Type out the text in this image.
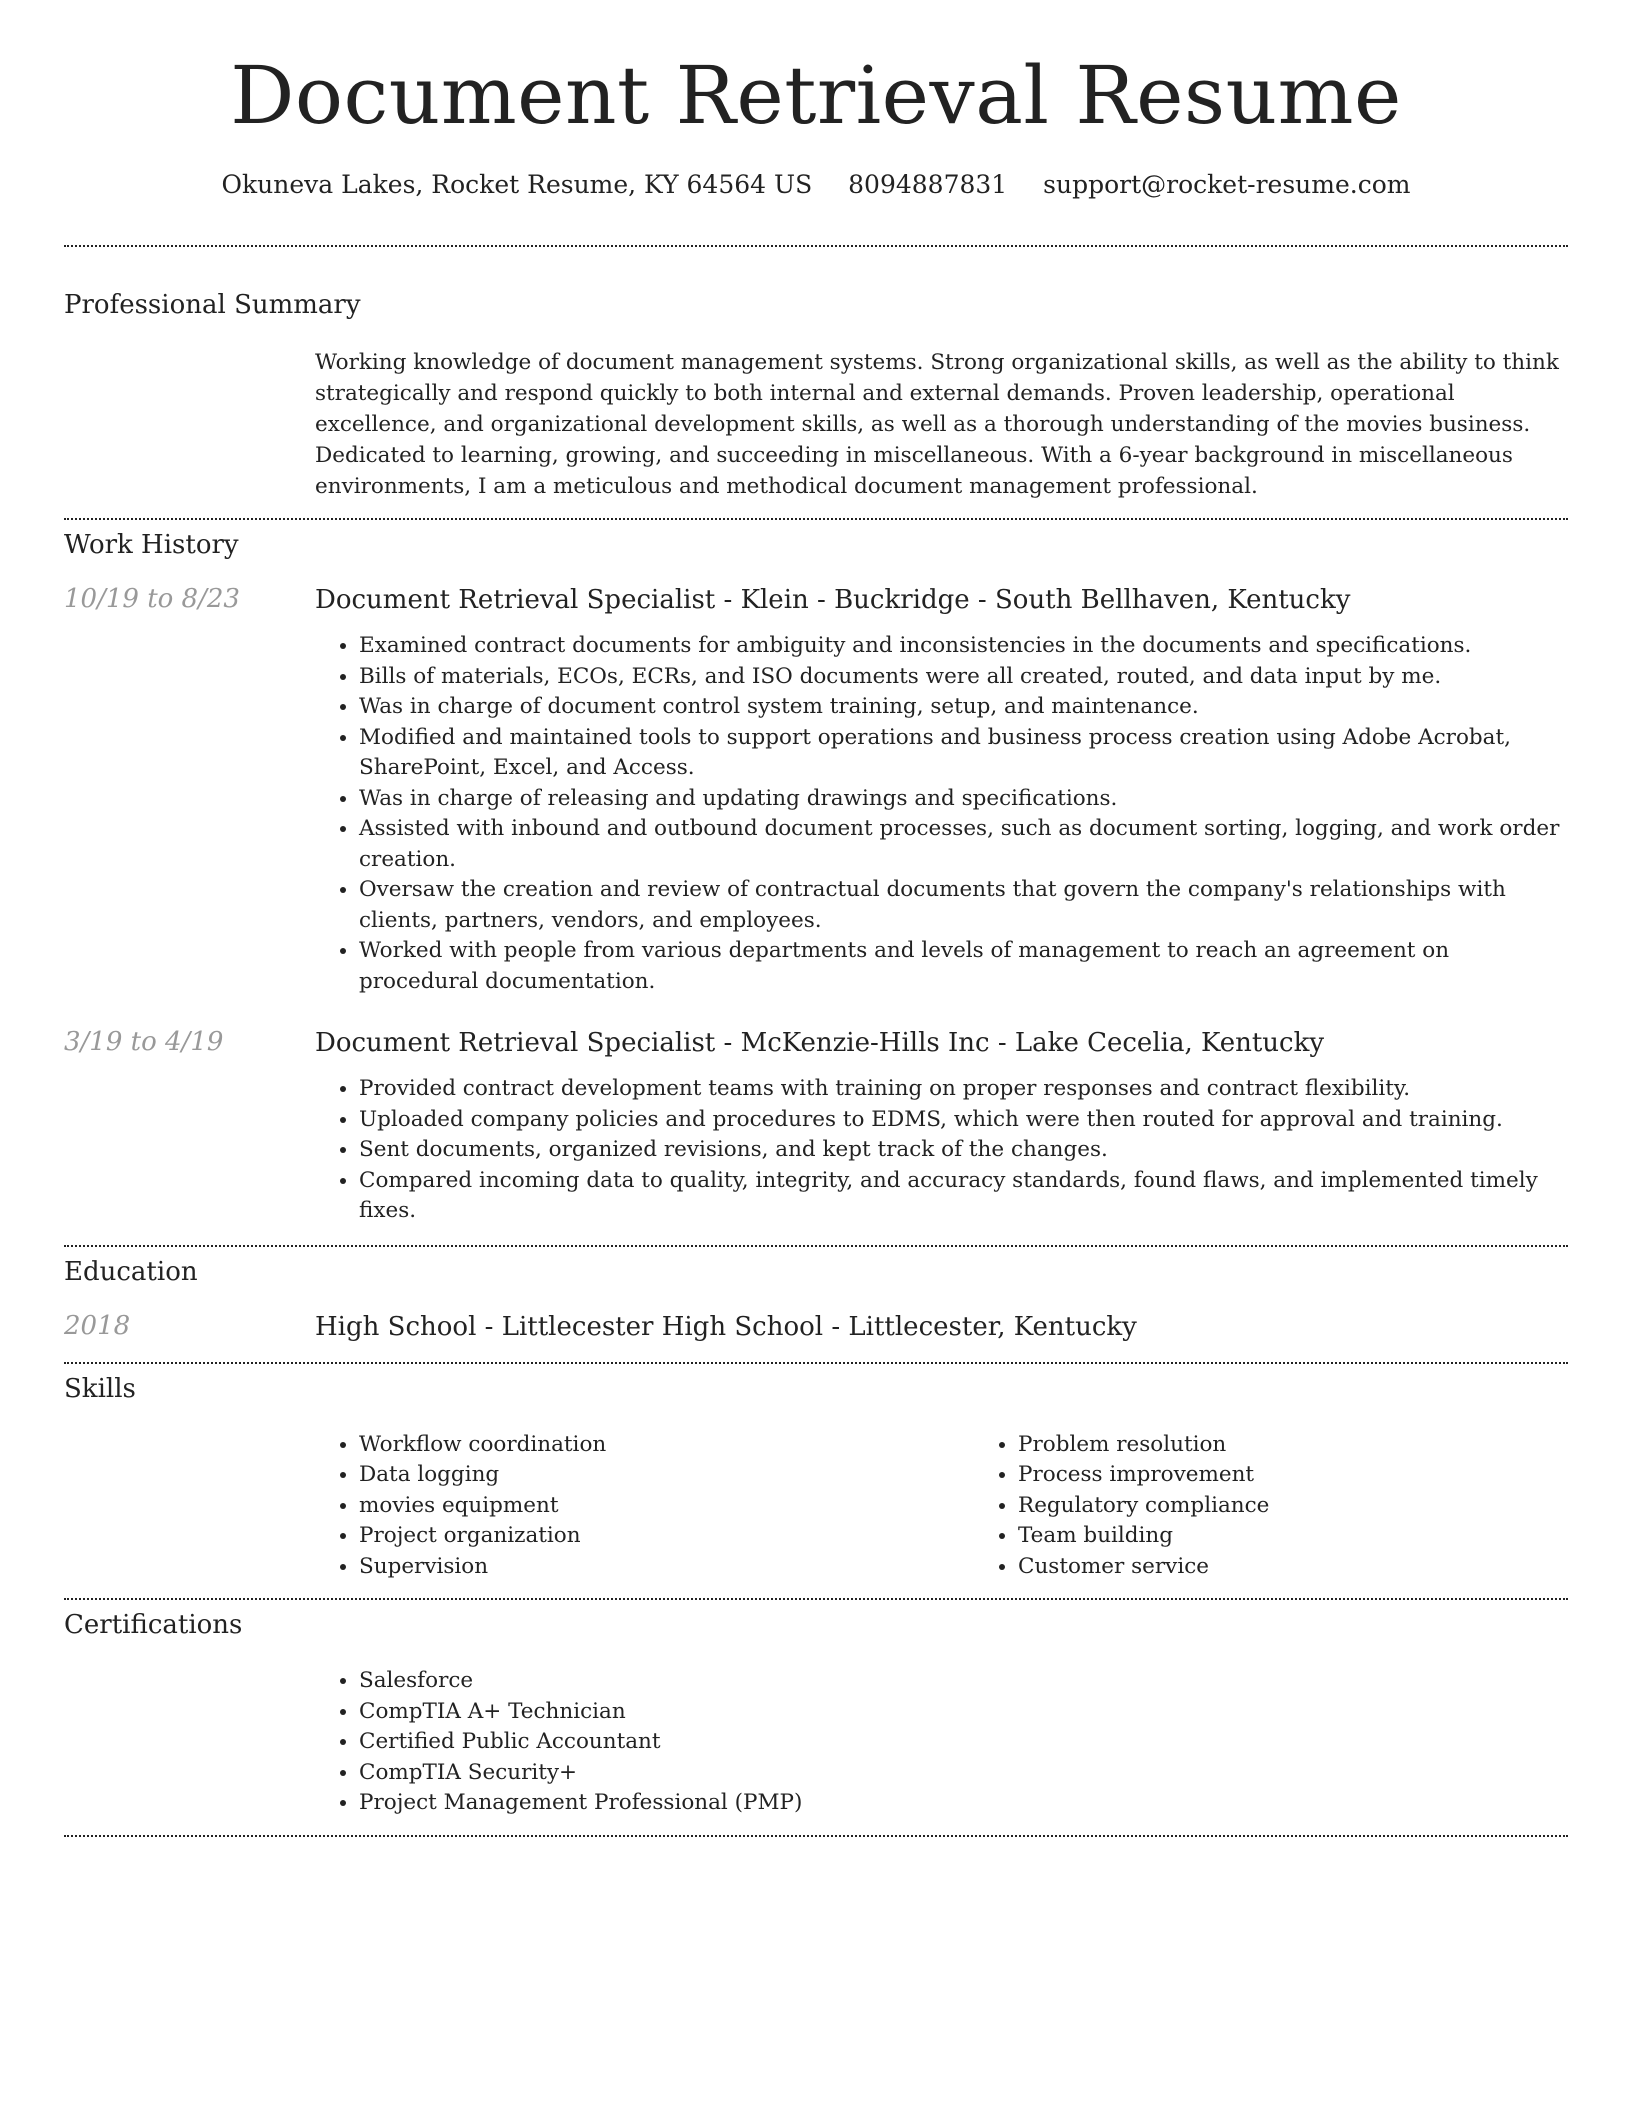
Document Retrieval Resume
Okuneva Lakes, Rocket Resume, KY 64564 US 8094887831 support@rocket-resume.com
Professional Summary
Working knowledge of document management systems. Strong organizational skills, as well as the ability to think strategically and respond quickly to both internal and external demands. Proven leadership, operational excellence, and organizational development skills, as well as a thorough understanding of the movies business. Dedicated to learning, growing, and succeeding in miscellaneous. With a 6-year background in miscellaneous environments, I am a meticulous and methodical document management professional.
Work History
10/19 to 8/23	Document Retrieval Specialist - Klein - Buckridge - South Bellhaven, Kentucky
• Examined contract documents for ambiguity and inconsistencies in the documents and specifications.
• Bills of materials, ECOs, ECRs, and ISO documents were all created, routed, and data input by me.
• Was in charge of document control system training, setup, and maintenance.
• Modified and maintained tools to support operations and business process creation using Adobe Acrobat, SharePoint, Excel, and Access.
• Was in charge of releasing and updating drawings and specifications.
• Assisted with inbound and outbound document processes, such as document sorting, logging, and work order creation.
• Oversaw the creation and review of contractual documents that govern the company's relationships with clients, partners, vendors, and employees.
• Worked with people from various departments and levels of management to reach an agreement on procedural documentation.
3/19 to 4/19	Document Retrieval Specialist - McKenzie-Hills Inc - Lake Cecelia, Kentucky
• Provided contract development teams with training on proper responses and contract flexibility.
• Uploaded company policies and procedures to EDMS, which were then routed for approval and training.
• Sent documents, organized revisions, and kept track of the changes.
• Compared incoming data to quality, integrity, and accuracy standards, found flaws, and implemented timely fixes.
Education
2018	High School - Littlecester High School - Littlecester, Kentucky
Skills
• Workflow coordination
• Data logging
• movies equipment
• Project organization
• Supervision
• Problem resolution
• Process improvement
• Regulatory compliance
• Team building
• Customer service
Certifications
• Salesforce
• CompTIA A+ Technician
• Certified Public Accountant
• CompTIA Security+
• Project Management Professional (PMP)
